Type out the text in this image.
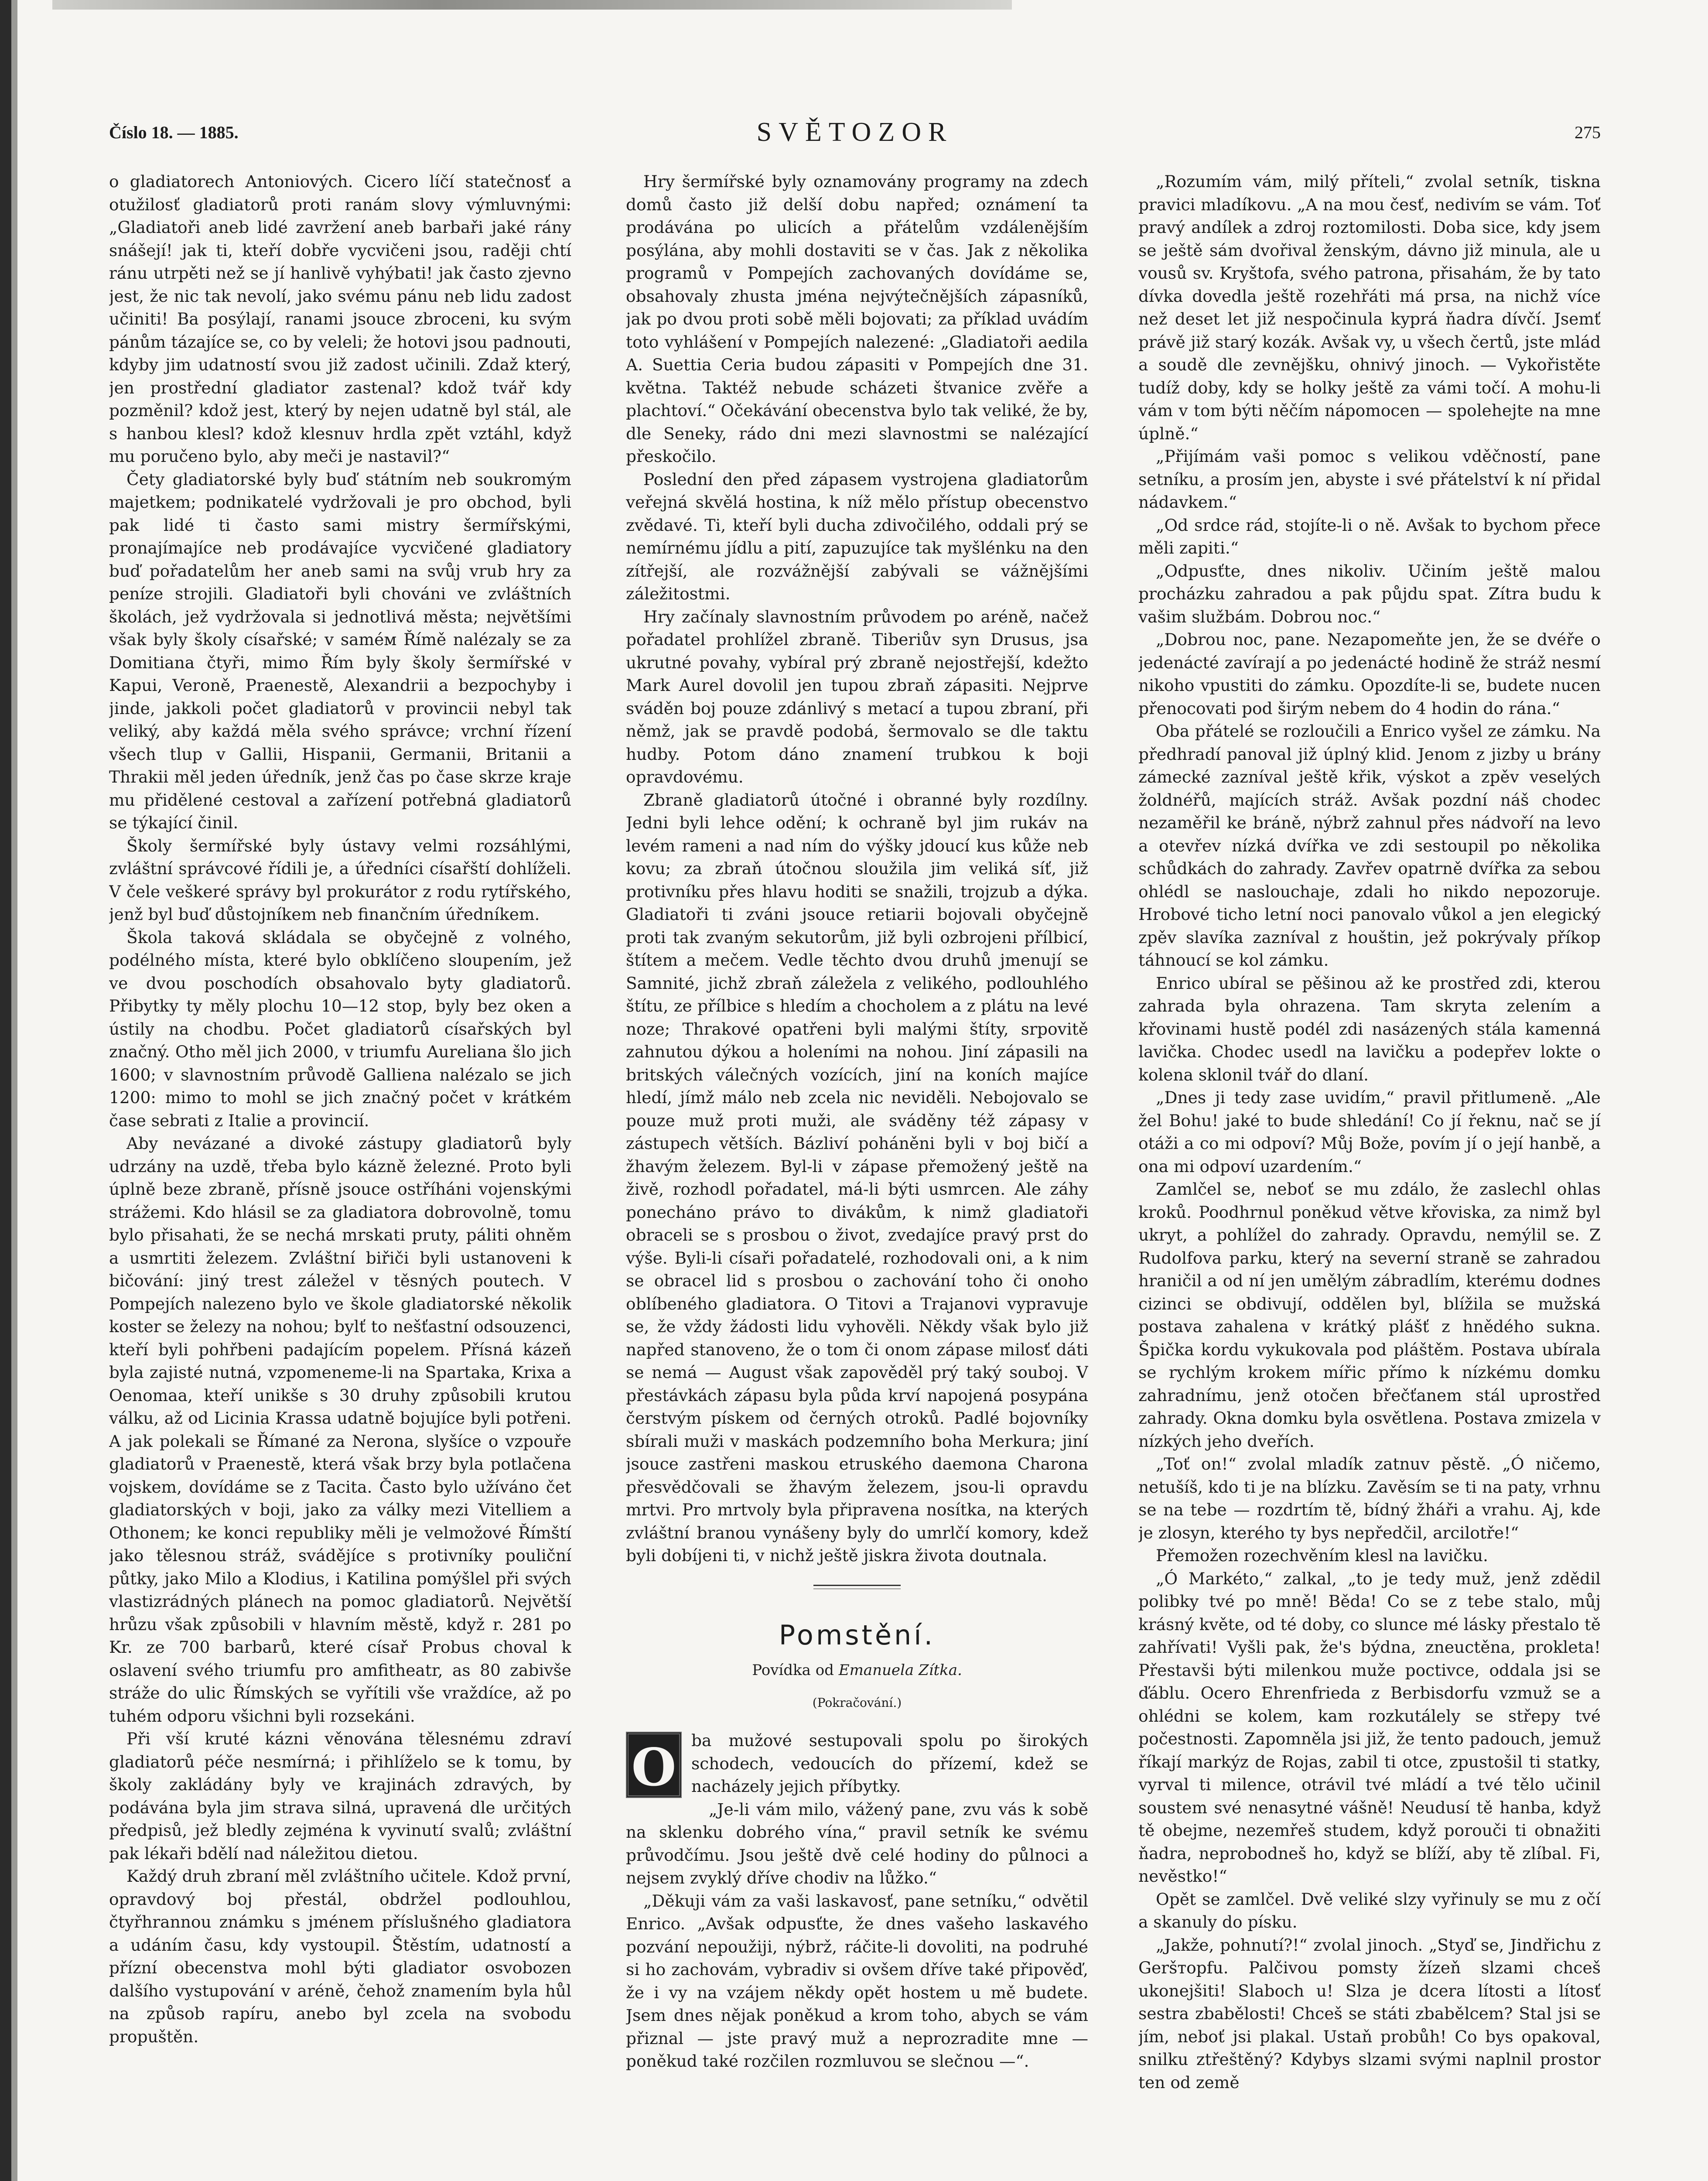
Číslo 18. — 1885.	SVĚTOZOR	275

o gladiatorech Antoniových. Cicero líčí statečnosť a otužilosť gladiatorů proti ranám slovy výmluvnými: „Gladiatoři aneb lidé zavržení aneb barbaři jaké rány snášejí! jak ti, kteří dobře vycvičeni jsou, raději chtí ránu utrpěti než se jí hanlivě vyhýbati! jak často zjevno jest, že nic tak nevolí, jako svému pánu neb lidu zadost učiniti! Ba posýlají, ranami jsouce zbroceni, ku svým pánům tázajíce se, co by veleli; že hotovi jsou padnouti, kdyby jim udatností svou již zadost učinili. Zdaž který, jen prostřední gladiator zastenal? kdož tvář kdy pozměnil? kdož jest, který by nejen udatně byl stál, ale s hanbou klesl? kdož klesnuv hrdla zpět vztáhl, když mu poručeno bylo, aby meči je nastavil?“

Čety gladiatorské byly buď státním neb soukromým majetkem; podnikatelé vydržovali je pro obchod, byli pak lidé ti často sami mistry šermířskými, pronajímajíce neb prodávajíce vycvičené gladiatory buď pořadatelům her aneb sami na svůj vrub hry za peníze strojili. Gladiatoři byli chováni ve zvláštních školách, jež vydržovala si jednotlivá města; největšími však byly školy císařské; v saméм Římě nalézaly se za Domitiana čtyři, mimo Řím byly školy šermířské v Kapui, Veroně, Praenestě, Alexandrii a bezpochyby i jinde, jakkoli počet gladiatorů v provincii nebyl tak veliký, aby každá měla svého správce; vrchní řízení všech tlup v Gallii, Hispanii, Germanii, Britanii a Thrakii měl jeden úředník, jenž čas po čase skrze kraje mu přidělené cestoval a zařízení potřebná gladiatorů se týkající činil.

Školy šermířské byly ústavy velmi rozsáhlými, zvláštní správcové řídili je, a úředníci císařští dohlíželi. V čele veškeré správy byl prokurátor z rodu rytířského, jenž byl buď důstojníkem neb finančním úředníkem.

Škola taková skládala se obyčejně z volného, podélného místa, které bylo obklíčeno sloupením, jež ve dvou poschodích obsahovalo byty gladiatorů. Přibytky ty měly plochu 10—12 stop, byly bez oken a ústily na chodbu. Počet gladiatorů císařských byl značný. Otho měl jich 2000, v triumfu Aureliana šlo jich 1600; v slavnostním průvodě Galliena nalézalo se jich 1200: mimo to mohl se jich značný počet v krátkém čase sebrati z Italie a provincií.

Aby nevázané a divoké zástupy gladiatorů byly udrzány na uzdě, třeba bylo kázně železné. Proto byli úplně beze zbraně, přísně jsouce ostříháni vojenskými strážemi. Kdo hlásil se za gladiatora dobrovolně, tomu bylo přisahati, že se nechá mrskati pruty, páliti ohněm a usmrtiti železem. Zvláštní biřiči byli ustanoveni k bičování: jiný trest záležel v těsných poutech. V Pompejích nalezeno bylo ve škole gladiatorské několik koster se železy na nohou; bylť to nešťastní odsouzenci, kteří byli pohřbeni padajícím popelem. Přísná kázeň byla zajisté nutná, vzpomeneme-li na Spartaka, Krixa a Oenomaa, kteří unikše s 30 druhy způsobili krutou válku, až od Licinia Krassa udatně bojujíce byli potřeni. A jak polekali se Římané za Nerona, slyšíce o vzpouře gladiatorů v Praenestě, která však brzy byla potlačena vojskem, dovídáme se z Tacita. Často bylo užíváno čet gladiatorských v boji, jako za války mezi Vitelliem a Othonem; ke konci republiky měli je velmožové Římští jako tělesnou stráž, svádějíce s protivníky pouliční půtky, jako Milo a Klodius, i Katilina pomýšlel při svých vlastizrádných plánech na pomoc gladiatorů. Největší hrůzu však způsobili v hlavním městě, když r. 281 po Kr. ze 700 barbarů, které císař Probus choval k oslavení svého triumfu pro amfitheatr, as 80 zabivše stráže do ulic Římských se vyřítili vše vraždíce, až po tuhém odporu všichni byli rozsekáni.

Při vší kruté kázni věnována tělesnému zdraví gladiatorů péče nesmírná; i přihlíželo se k tomu, by školy zakládány byly ve krajinách zdravých, by podávána byla jim strava silná, upravená dle určitých předpisů, jež bledly zejména k vyvinutí svalů; zvláštní pak lékaři bdělí nad náležitou dietou.

Každý druh zbraní měl zvláštního učitele. Kdož první, opravdový boj přestál, obdržel podlouhlou, čtyřhrannou známku s jménem příslušného gladiatora a udáním času, kdy vystoupil. Štěstím, udatností a přízní obecenstva mohl býti gladiator osvobozen dalšího vystupování v aréně, čehož znamením byla hůl na způsob rapíru, anebo byl zcela na svobodu propuštěn.

Hry šermířské byly oznamovány programy na zdech domů často již delší dobu napřed; oznámení ta prodávána po ulicích a přátelům vzdálenějším posýlána, aby mohli dostaviti se v čas. Jak z několika programů v Pompejích zachovaných dovídáme se, obsahovaly zhusta jména nejvýtečnějších zápasníků, jak po dvou proti sobě měli bojovati; za příklad uvádím toto vyhlášení v Pompejích nalezené: „Gladiatoři aedila A. Suettia Ceria budou zápasiti v Pompejích dne 31. května. Taktéž nebude scházeti štvanice zvěře a plachtoví.“ Očekávání obecenstva bylo tak veliké, že by, dle Seneky, rádo dni mezi slavnostmi se nalézající přeskočilo.

Poslední den před zápasem vystrojena gladiatorům veřejná skvělá hostina, k níž mělo přístup obecenstvo zvědavé. Ti, kteří byli ducha zdivočilého, oddali prý se nemírnému jídlu a pití, zapuzujíce tak myšlénku na den zítřejší, ale rozvážnější zabývali se vážnějšími záležitostmi.

Hry začínaly slavnostním průvodem po aréně, načež pořadatel prohlížel zbraně. Tiberiův syn Drusus, jsa ukrutné povahy, vybíral prý zbraně nejostřejší, kdežto Mark Aurel dovolil jen tupou zbraň zápasiti. Nejprve sváděn boj pouze zdánlivý s metací a tupou zbraní, při němž, jak se pravdě podobá, šermovalo se dle taktu hudby. Potom dáno znamení trubkou k boji opravdovému.

Zbraně gladiatorů útočné i obranné byly rozdílny. Jedni byli lehce odění; k ochraně byl jim rukáv na levém rameni a nad ním do výšky jdoucí kus kůže neb kovu; za zbraň útočnou sloužila jim veliká síť, již protivníku přes hlavu hoditi se snažili, trojzub a dýka. Gladiatoři ti zváni jsouce retiarii bojovali obyčejně proti tak zvaným sekutorům, již byli ozbrojeni přílbicí, štítem a mečem. Vedle těchto dvou druhů jmenují se Samnité, jichž zbraň záležela z velikého, podlouhlého štítu, ze přílbice s hledím a chocholem a z plátu na levé noze; Thrakové opatřeni byli malými štíty, srpovitě zahnutou dýkou a holeními na nohou. Jiní zápasili na britských válečných vozících, jiní na koních majíce hledí, jímž málo neb zcela nic neviděli. Nebojovalo se pouze muž proti muži, ale sváděny též zápasy v zástupech větších. Bázliví poháněni byli v boj bičí a žhavým železem. Byl-li v zápase přemožený ještě na živě, rozhodl pořadatel, má-li býti usmrcen. Ale záhy ponecháno právo to divákům, k nimž gladiatoři obraceli se s prosbou o život, zvedajíce pravý prst do výše. Byli-li císaři pořadatelé, rozhodovali oni, a k nim se obracel lid s prosbou o zachování toho či onoho oblíbeného gladiatora. O Titovi a Trajanovi vypravuje se, že vždy žádosti lidu vyhověli. Někdy však bylo již napřed stanoveno, že o tom či onom zápase milosť dáti se nemá — August však zapověděl prý taký souboj. V přestávkách zápasu byla půda krví napojená posypána čerstvým pískem od černých otroků. Padlé bojovníky sbírali muži v maskách podzemního boha Merkura; jiní jsouce zastřeni maskou etruského daemona Charona přesvědčovali se žhavým železem, jsou-li opravdu mrtvi. Pro mrtvoly byla připravena nosítka, na kterých zvláštní branou vynášeny byly do umrlčí komory, kdež byli dobíjeni ti, v nichž ještě jiskra života doutnala.

Pomstění.
Povídka od Emanuela Zítka.
(Pokračování.)

O ba mužové sestupovali spolu po širokých schodech, vedoucích do přízemí, kdež se nacházely jejich příbytky.

„Je-li vám milo, vážený pane, zvu vás k sobě na sklenku dobrého vína,“ pravil setník ke svému průvodčímu. Jsou ještě dvě celé hodiny do půlnoci a nejsem zvyklý dříve chodiv na lůžko.“

„Děkuji vám za vaši laskavosť, pane setníku,“ odvětil Enrico. „Avšak odpusťte, že dnes vašeho laskavého pozvání nepoužiji, nýbrž, ráčite-li dovoliti, na podruhé si ho zachovám, vybradiv si ovšem dříve také připověď, že i vy na vzájem někdy opět hostem u mě budete. Jsem dnes nějak poněkud a krom toho, abych se vám přiznal — jste pravý muž a neprozraditе mne — poněkud také rozčilen rozmluvou se slečnou —“.

„Rozumím vám, milý příteli,“ zvolal setník, tiskna pravici mladíkovu. „A na mou česť, nedivím se vám. Toť pravý andílek a zdroj roztomilosti. Doba sice, kdy jsem se ještě sám dvořival ženským, dávno již minula, ale u vousů sv. Kryštofa, svého patrona, přisahám, že by tato dívka dovedla ještě rozehřáti má prsa, na nichž více než deset let již nespočinula kyprá ňadra dívčí. Jsemť právě již starý kozák. Avšak vy, u všech čertů, jste mlád a soudě dle zevnějšku, ohnivý jinoch. — Vykořistěte tudíž doby, kdy se holky ještě za vámi točí. A mohu-li vám v tom býti něčím nápomocen — spolehejte na mne úplně.“

„Přijímám vaši pomoc s velikou vděčností, pane setníku, a prosím jen, abyste i své přátelství k ní přidal nádavkem.“

„Od srdce rád, stojíte-li o ně. Avšak to bychom přece měli zapiti.“

„Odpusťte, dnes nikoliv. Učiním ještě malou procházku zahradou a pak půjdu spat. Zítra budu k vašim službám. Dobrou noc.“

„Dobrou noc, pane. Nezapomeňte jen, že se dvéře o jedenácté zavírají a po jedenácté hodině že stráž nesmí nikoho vpustiti do zámku. Opozdíte-li se, budete nucen přenocovati pod širým nebem do 4 hodin do rána.“

Oba přátelé se rozloučili a Enrico vyšel ze zámku. Na předhradí panoval již úplný klid. Jenom z jizby u brány zámecké zazníval ještě křik, výskot a zpěv veselých žoldnéřů, majících stráž. Avšak pozdní náš chodec nezaměřil ke bráně, nýbrž zahnul přes nádvoří na levo a otevřev nízká dvířka ve zdi sestoupil po několika schůdkách do zahrady. Zavřev opatrně dvířka za sebou ohlédl se naslouchaje, zdali ho nikdo nepozoruje. Hrobové ticho letní noci panovalo vůkol a jen elegický zpěv slavíka zazníval z houštin, jež pokrývaly příkop táhnoucí se kol zámku.

Enrico ubíral se pěšinou až ke prostřed zdi, kterou zahrada byla ohrazena. Tam skryta zelením a křovinami hustě podél zdi nasázených stála kamenná lavička. Chodec usedl na lavičku a podepřev lokte o kolena sklonil tvář do dlaní.

„Dnes ji tedy zase uvidím,“ pravil přitlumeně. „Ale žel Bohu! jaké to bude shledání! Co jí řeknu, nač se jí otáži a co mi odpoví? Můj Bože, povím jí o její hanbě, a ona mi odpoví uzardením.“

Zamlčel se, neboť se mu zdálo, že zaslechl ohlas kroků. Poodhrnul poněkud větve křoviska, za nimž byl ukryt, a pohlížel do zahrady. Opravdu, nemýlil se. Z Rudolfova parku, který na severní straně se zahradou hraničil a od ní jen umělým zábradlím, kterému dodnes cizinci se obdivují, oddělen byl, blížila se mužská postava zahalena v krátký plášť z hnědého sukna. Špička kordu vykukovala pod pláštěm. Postava ubírala se rychlým krokem mířic přímo k nízkému domku zahradnímu, jenž otočen břečťanem stál uprostřed zahrady. Okna domku byla osvětlena. Postava zmizela v nízkých jeho dveřích.

„Toť on!“ zvolal mladík zatnuv pěstě. „Ó ničemo, netušíš, kdo ti je na blízku. Zavěsím se ti na paty, vrhnu se na tebe — rozdrtím tě, bídný žháři a vrahu. Aj, kde je zlosyn, kterého ty bys nepředčil, arcilotře!“

Přemožen rozechvěním klesl na lavičku.

„Ó Markéto,“ zalkal, „to je tedy muž, jenž zdědil polibky tvé po mně! Běda! Co se z tebe stalo, můj krásný květe, od té doby, co slunce mé lásky přestalo tě zahřívati! Vyšli pak, že's býdna, zneuctěna, prokleta! Přestavši býti milenkou muže poctivce, oddala jsi se ďáblu. Ocero Ehrenfrieda z Berbisdorfu vzmuž se a ohlédni se kolem, kam rozkutálely se střepy tvé počestnosti. Zapomněla jsi již, že tento padouch, jemuž říkají markýz de Rojas, zabil ti otce, zpustošil ti statky, vyrval ti milence, otrávil tvé mládí a tvé tělo učinil soustem své nenasytné vášně! Neudusí tě hanba, když tě obejme, nezemřeš studem, když porouči ti obnažiti ňadra, neprobodneš ho, když se blíží, aby tě zlíbal. Fi, nevěstko!“

Opět se zamlčel. Dvě veliké slzy vyřinuly se mu z očí a skanuly do písku.

„Jakže, pohnutí?!“ zvolal jinoch. „Styď se, Jindřichu z Geršторfu. Palčivou pomsty žízeň slzami chceš ukonejšiti! Slaboch u! Slza je dcera lítosti a lítosť sestra zbabělosti! Chceš se státi zbabělcem? Stal jsi se jím, neboť jsi plakal. Ustaň probůh! Co bys opakoval, snilku ztřeštěný? Kdybys slzami svými naplnil prostor ten od země
